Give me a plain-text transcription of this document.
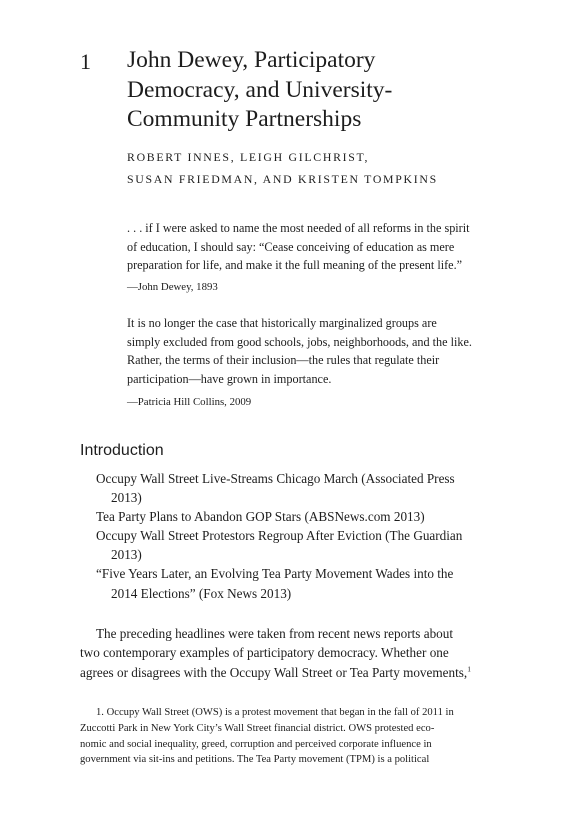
1 John Dewey, Participatory
Democracy, and University-
Community Partnerships
ROBERT INNES, LEIGH GILCHRIST,
SUSAN FRIEDMAN, AND KRISTEN TOMPKINS
. . . if I were asked to name the most needed of all reforms in the spirit
of education, I should say: “Cease conceiving of education as mere
preparation for life, and make it the full meaning of the present life.”
—John Dewey, 1893
It is no longer the case that historically marginalized groups are
simply excluded from good schools, jobs, neighborhoods, and the like.
Rather, the terms of their inclusion—the rules that regulate their
participation—have grown in importance.
—Patricia Hill Collins, 2009
Introduction
Occupy Wall Street Live-Streams Chicago March (Associated Press
2013)
Tea Party Plans to Abandon GOP Stars (ABSNews.com 2013)
Occupy Wall Street Protestors Regroup After Eviction (The Guardian
2013)
“Five Years Later, an Evolving Tea Party Movement Wades into the
2014 Elections” (Fox News 2013)
The preceding headlines were taken from recent news reports about
two contemporary examples of participatory democracy. Whether one
agrees or disagrees with the Occupy Wall Street or Tea Party movements,$^1$
1. Occupy Wall Street (OWS) is a protest movement that began in the fall of 2011 in
Zuccotti Park in New York City’s Wall Street financial district. OWS protested eco-
nomic and social inequality, greed, corruption and perceived corporate influence in
government via sit-ins and petitions. The Tea Party movement (TPM) is a political
